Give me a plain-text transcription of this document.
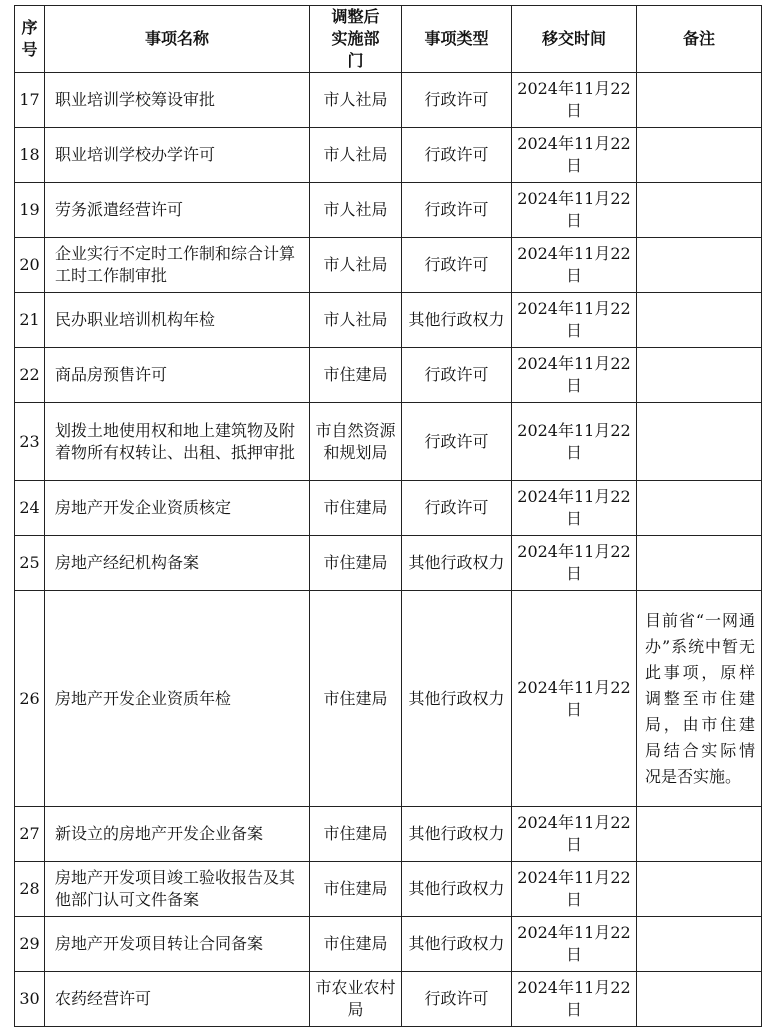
序号	事项名称	调整后实施部门	事项类型	移交时间	备注
17	职业培训学校筹设审批	市人社局	行政许可	2024年11月22日	
18	职业培训学校办学许可	市人社局	行政许可	2024年11月22日	
19	劳务派遣经营许可	市人社局	行政许可	2024年11月22日	
20	企业实行不定时工作制和综合计算工时工作制审批	市人社局	行政许可	2024年11月22日	
21	民办职业培训机构年检	市人社局	其他行政权力	2024年11月22日	
22	商品房预售许可	市住建局	行政许可	2024年11月22日	
23	划拨土地使用权和地上建筑物及附着物所有权转让、出租、抵押审批	市自然资源和规划局	行政许可	2024年11月22日	
24	房地产开发企业资质核定	市住建局	行政许可	2024年11月22日	
25	房地产经纪机构备案	市住建局	其他行政权力	2024年11月22日	
26	房地产开发企业资质年检	市住建局	其他行政权力	2024年11月22日	目前省“一网通办”系统中暂无此事项，原样调整至市住建局，由市住建局结合实际情况是否实施。
27	新设立的房地产开发企业备案	市住建局	其他行政权力	2024年11月22日	
28	房地产开发项目竣工验收报告及其他部门认可文件备案	市住建局	其他行政权力	2024年11月22日	
29	房地产开发项目转让合同备案	市住建局	其他行政权力	2024年11月22日	
30	农药经营许可	市农业农村局	行政许可	2024年11月22日	
